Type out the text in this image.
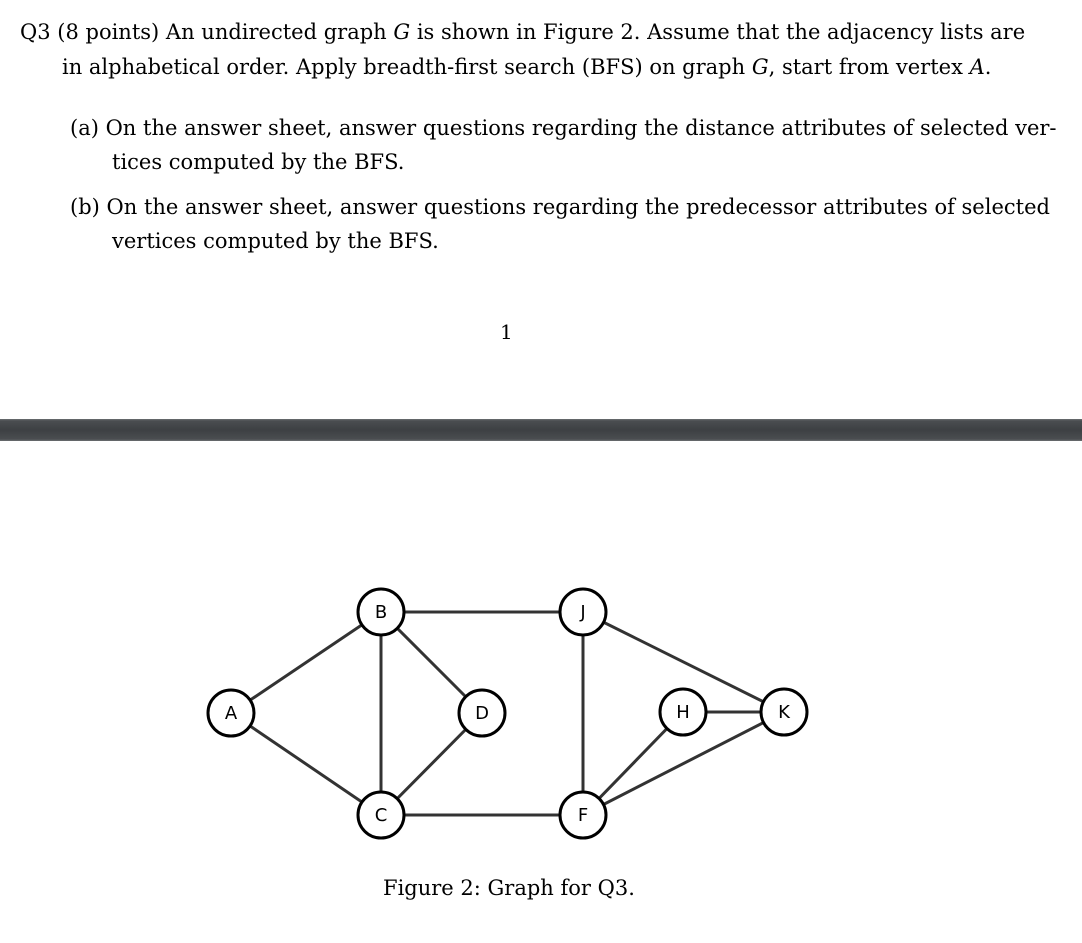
Q3 (8 points) An undirected graph G is shown in Figure 2. Assume that the adjacency lists are
in alphabetical order. Apply breadth-first search (BFS) on graph G, start from vertex A.
(a) On the answer sheet, answer questions regarding the distance attributes of selected ver-
tices computed by the BFS.
(b) On the answer sheet, answer questions regarding the predecessor attributes of selected
vertices computed by the BFS.
1
A
B
C
D
J
F
H	K
Figure 2: Graph for Q3.
